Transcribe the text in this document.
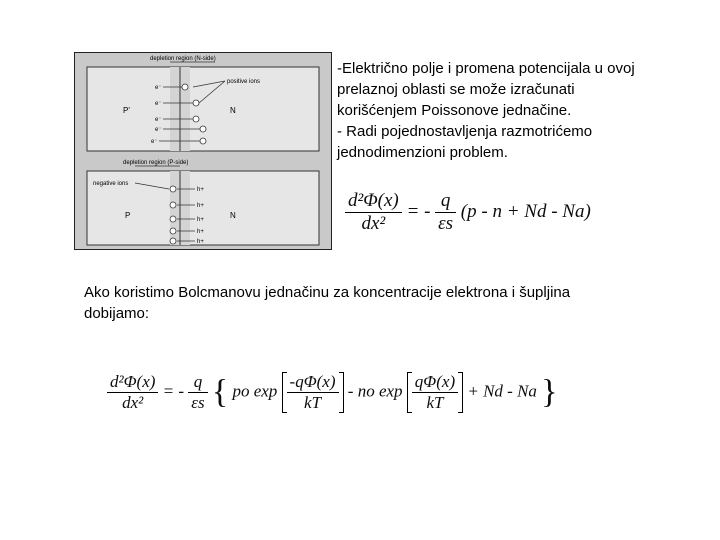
depletion region (N-side)
P'	N
positive ions
e⁻
e⁻
e⁻
e⁻
e⁻
depletion region (P-side)
negative ions
P	N
h+
h+
h+
h+
h+

-Električno polje i promena potencijala u ovoj prelaznoj oblasti se može izračunati korišćenjem Poissonove jednačine.

- Radi pojednostavljenja razmotrićemo jednodimenzioni problem.

$\frac{\text{d²Φ(x)}}{\text{dx²}}$ = - $\frac{q}{\varepsilon s} (p - n + Nd - Na)$
Ako koristimo Bolcmanovu jednačinu za koncentracije elektrona i šupljina dobijamo:
$\frac{\text{d²Φ(x)}}{\text{dx²}}$ = - $\frac{q}{\varepsilon s}$ { po $\exp \frac{-q\Phi(x)}{kT}$ - no $\exp \frac{q\Phi(x)}{kT} + Nd - Na$ }
